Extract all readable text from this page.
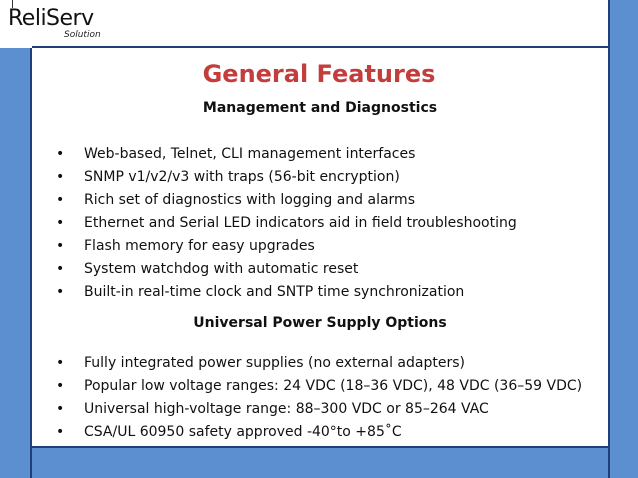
ReliServ
Solution
General Features
Management and Diagnostics
• Web-based, Telnet, CLI management interfaces
• SNMP v1/v2/v3 with traps (56-bit encryption)
• Rich set of diagnostics with logging and alarms
• Ethernet and Serial LED indicators aid in field troubleshooting
• Flash memory for easy upgrades
• System watchdog with automatic reset
• Built-in real-time clock and SNTP time synchronization
Universal Power Supply Options
• Fully integrated power supplies (no external adapters)
• Popular low voltage ranges: 24 VDC (18–36 VDC), 48 VDC (36–59 VDC)
• Universal high-voltage range: 88–300 VDC or 85–264 VAC
• CSA/UL 60950 safety approved -40°to +85˚C
